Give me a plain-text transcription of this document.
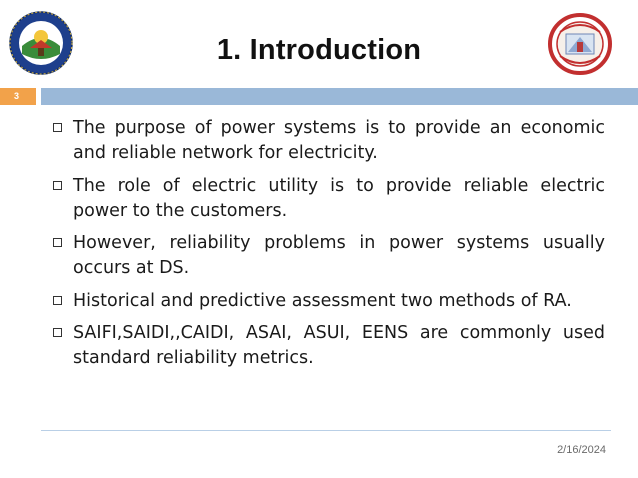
1. Introduction
3
The purpose of power systems is to provide an economic and reliable network for electricity.
The role of electric utility is to provide reliable electric power to the customers.
However, reliability problems in power systems usually occurs at DS.
Historical and predictive assessment two methods of RA.
SAIFI,SAIDI,,CAIDI, ASAI, ASUI, EENS are commonly used standard reliability metrics.
2/16/2024
